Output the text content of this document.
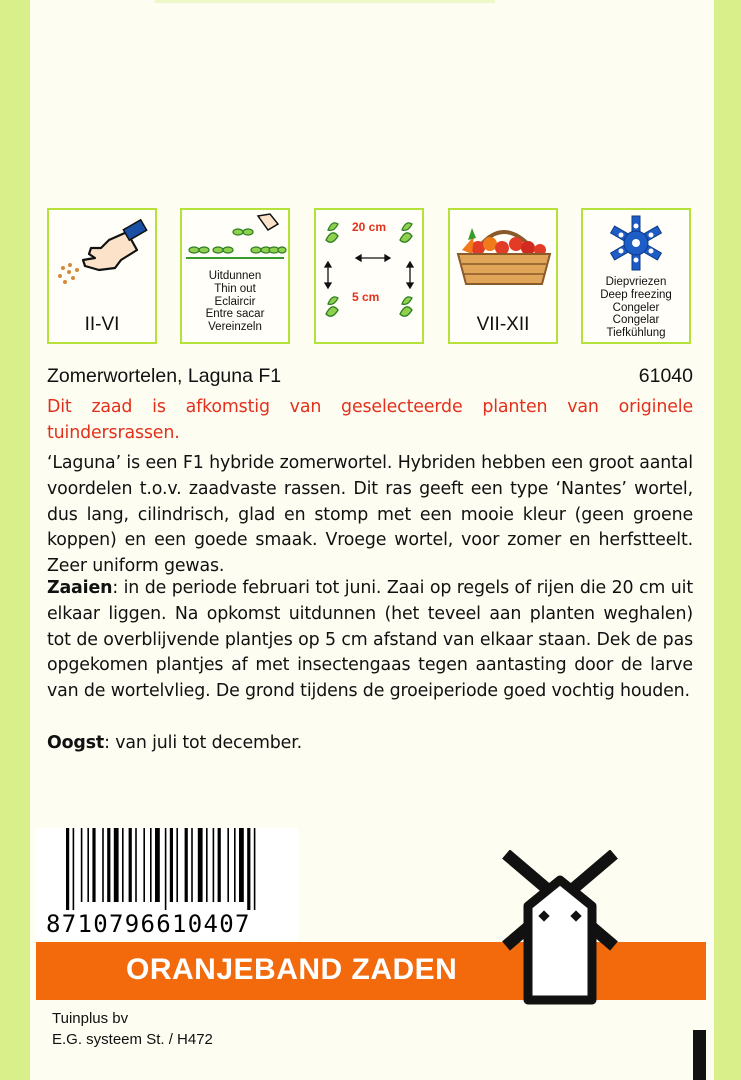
II-VI
Uitdunnen
Thin out
Eclaircir
Entre sacar
Vereinzeln
20 cm
5 cm
VII-XII
Diepvriezen
Deep freezing
Congeler
Congelar
Tiefkühlung
Zomerwortelen, Laguna F1	61040
Dit zaad is afkomstig van geselecteerde planten van originele tuindersrassen.
‘Laguna’ is een F1 hybride zomerwortel. Hybriden hebben een groot aantal voordelen t.o.v. zaadvaste rassen. Dit ras geeft een type ‘Nantes’ wortel, dus lang, cilindrisch, glad en stomp met een mooie kleur (geen groene koppen) en een goede smaak. Vroege wortel, voor zomer en herfstteelt. Zeer uniform gewas.
Zaaien: in de periode februari tot juni. Zaai op regels of rijen die 20 cm uit elkaar liggen. Na opkomst uitdunnen (het teveel aan planten weghalen) tot de overblijvende plantjes op 5 cm afstand van elkaar staan. Dek de pas opgekomen plantjes af met insectengaas tegen aantasting door de larve van de wortelvlieg. De grond tijdens de groeiperiode goed vochtig houden.
Oogst: van juli tot december.
8710796610407
ORANJEBAND ZADEN
Tuinplus bv
E.G. systeem St. / H472
